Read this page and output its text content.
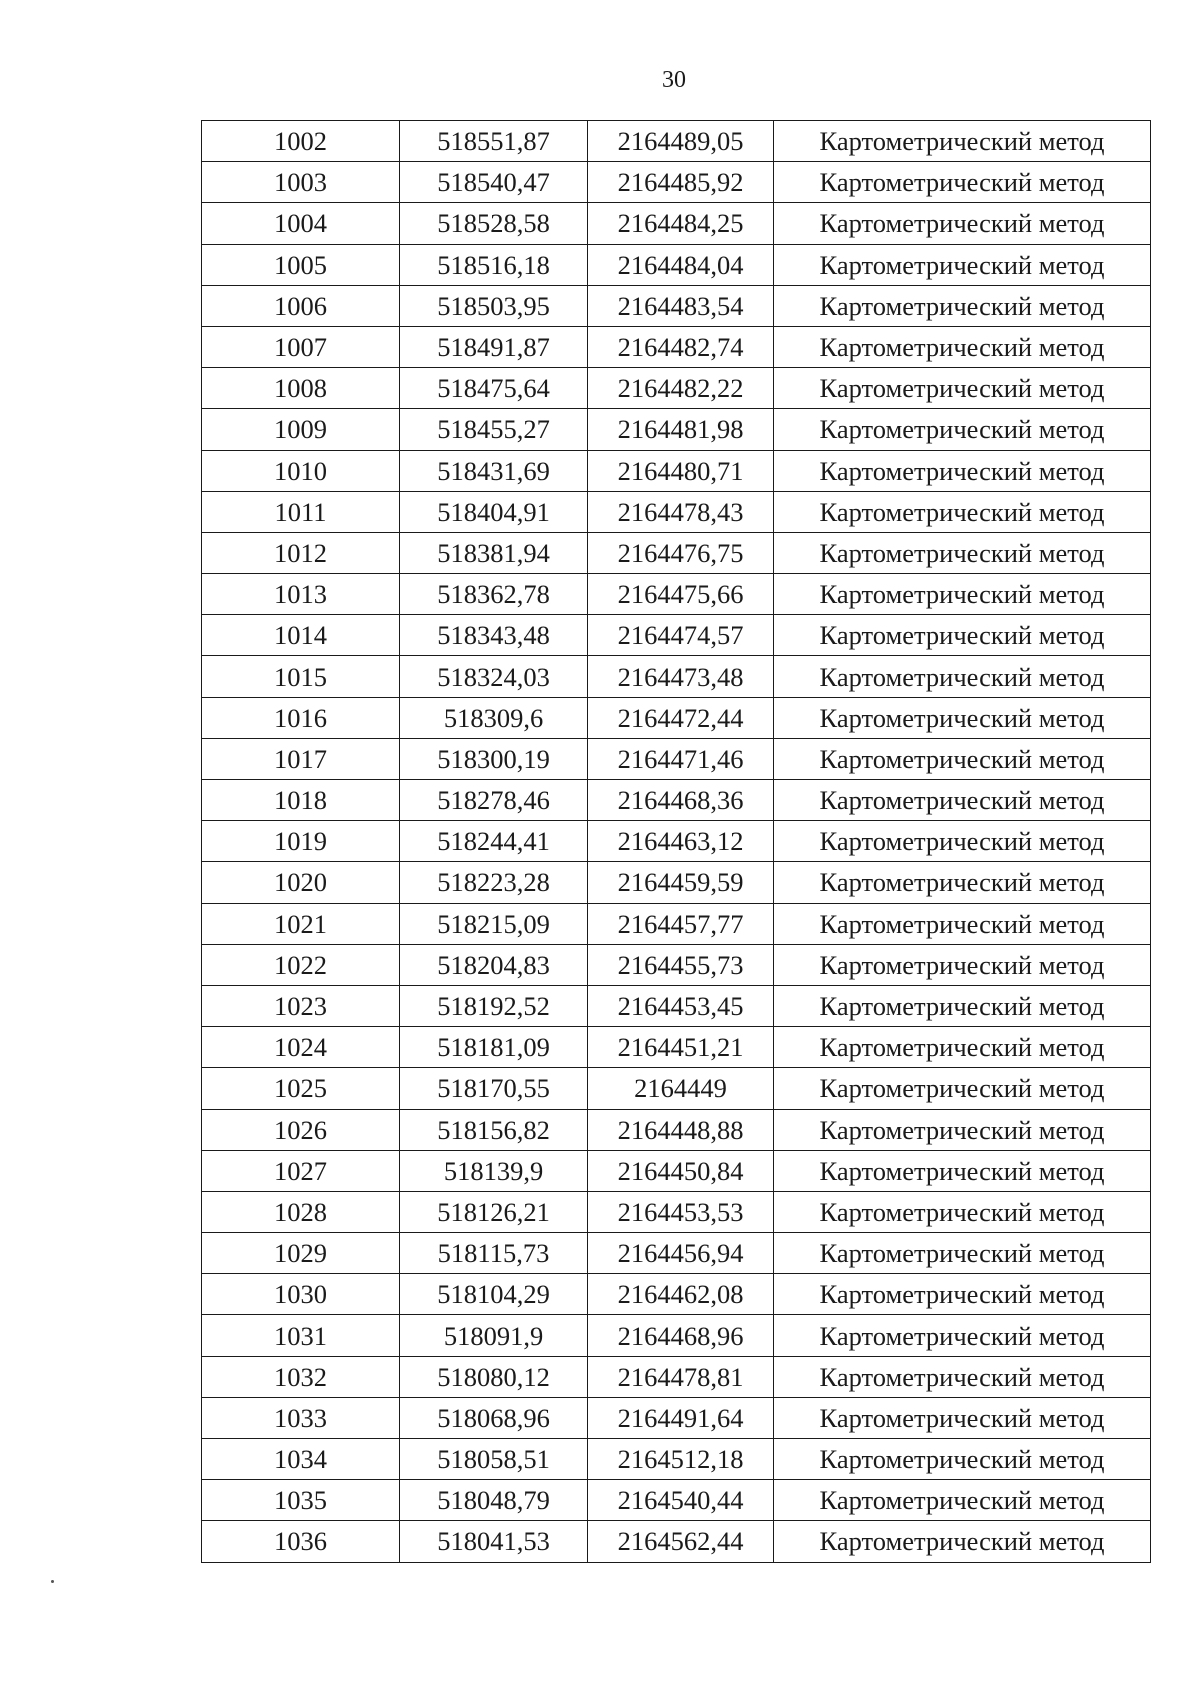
30
1002	518551,87	2164489,05	Картометрический метод
1003	518540,47	2164485,92	Картометрический метод
1004	518528,58	2164484,25	Картометрический метод
1005	518516,18	2164484,04	Картометрический метод
1006	518503,95	2164483,54	Картометрический метод
1007	518491,87	2164482,74	Картометрический метод
1008	518475,64	2164482,22	Картометрический метод
1009	518455,27	2164481,98	Картометрический метод
1010	518431,69	2164480,71	Картометрический метод
1011	518404,91	2164478,43	Картометрический метод
1012	518381,94	2164476,75	Картометрический метод
1013	518362,78	2164475,66	Картометрический метод
1014	518343,48	2164474,57	Картометрический метод
1015	518324,03	2164473,48	Картометрический метод
1016	518309,6	2164472,44	Картометрический метод
1017	518300,19	2164471,46	Картометрический метод
1018	518278,46	2164468,36	Картометрический метод
1019	518244,41	2164463,12	Картометрический метод
1020	518223,28	2164459,59	Картометрический метод
1021	518215,09	2164457,77	Картометрический метод
1022	518204,83	2164455,73	Картометрический метод
1023	518192,52	2164453,45	Картометрический метод
1024	518181,09	2164451,21	Картометрический метод
1025	518170,55	2164449	Картометрический метод
1026	518156,82	2164448,88	Картометрический метод
1027	518139,9	2164450,84	Картометрический метод
1028	518126,21	2164453,53	Картометрический метод
1029	518115,73	2164456,94	Картометрический метод
1030	518104,29	2164462,08	Картометрический метод
1031	518091,9	2164468,96	Картометрический метод
1032	518080,12	2164478,81	Картометрический метод
1033	518068,96	2164491,64	Картометрический метод
1034	518058,51	2164512,18	Картометрический метод
1035	518048,79	2164540,44	Картометрический метод
1036	518041,53	2164562,44	Картометрический метод
